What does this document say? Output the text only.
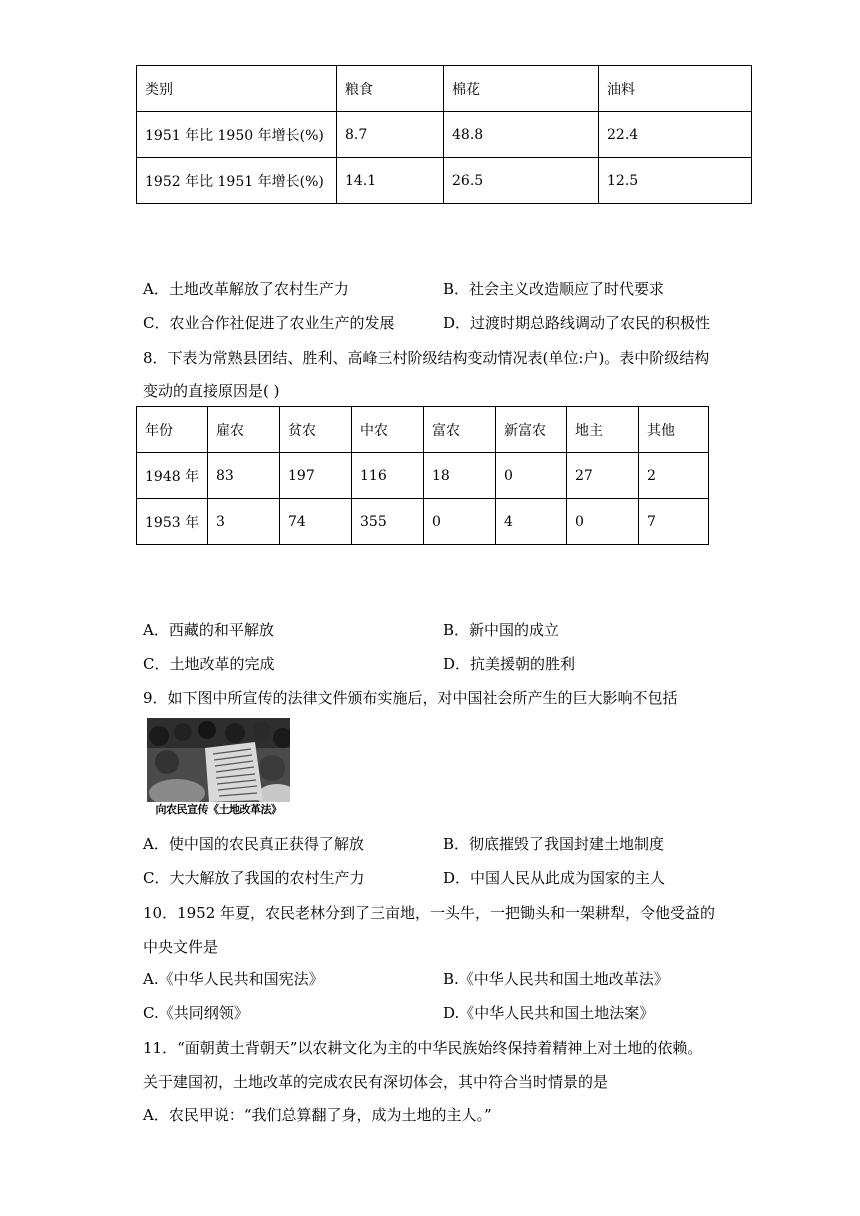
类别	粮食	棉花	油料
1951 年比 1950 年增长(%)	8.7	48.8	22.4
1952 年比 1951 年增长(%)	14.1	26.5	12.5
A．土地改革解放了农村生产力	B．社会主义改造顺应了时代要求
C．农业合作社促进了农业生产的发展	D．过渡时期总路线调动了农民的积极性
8．下表为常熟县团结、胜利、高峰三村阶级结构变动情况表(单位:户)。表中阶级结构
变动的直接原因是( )
年份	雇农	贫农	中农	富农	新富农	地主	其他
1948 年	83	197	116	18	0	27	2
1953 年	3	74	355	0	4	0	7
A．西藏的和平解放	B．新中国的成立
C．土地改革的完成	D．抗美援朝的胜利
9．如下图中所宣传的法律文件颁布实施后，对中国社会所产生的巨大影响不包括
向农民宣传《土地改革法》
A．使中国的农民真正获得了解放	B．彻底摧毁了我国封建土地制度
C．大大解放了我国的农村生产力	D．中国人民从此成为国家的主人
10．1952 年夏，农民老林分到了三亩地，一头牛，一把锄头和一架耕犁，令他受益的
中央文件是
A.《中华人民共和国宪法》	B.《中华人民共和国土地改革法》
C.《共同纲领》	D.《中华人民共和国土地法案》
11．“面朝黄土背朝天”以农耕文化为主的中华民族始终保持着精神上对土地的依赖。
关于建国初，土地改革的完成农民有深切体会，其中符合当时情景的是
A．农民甲说：“我们总算翻了身，成为土地的主人。”
